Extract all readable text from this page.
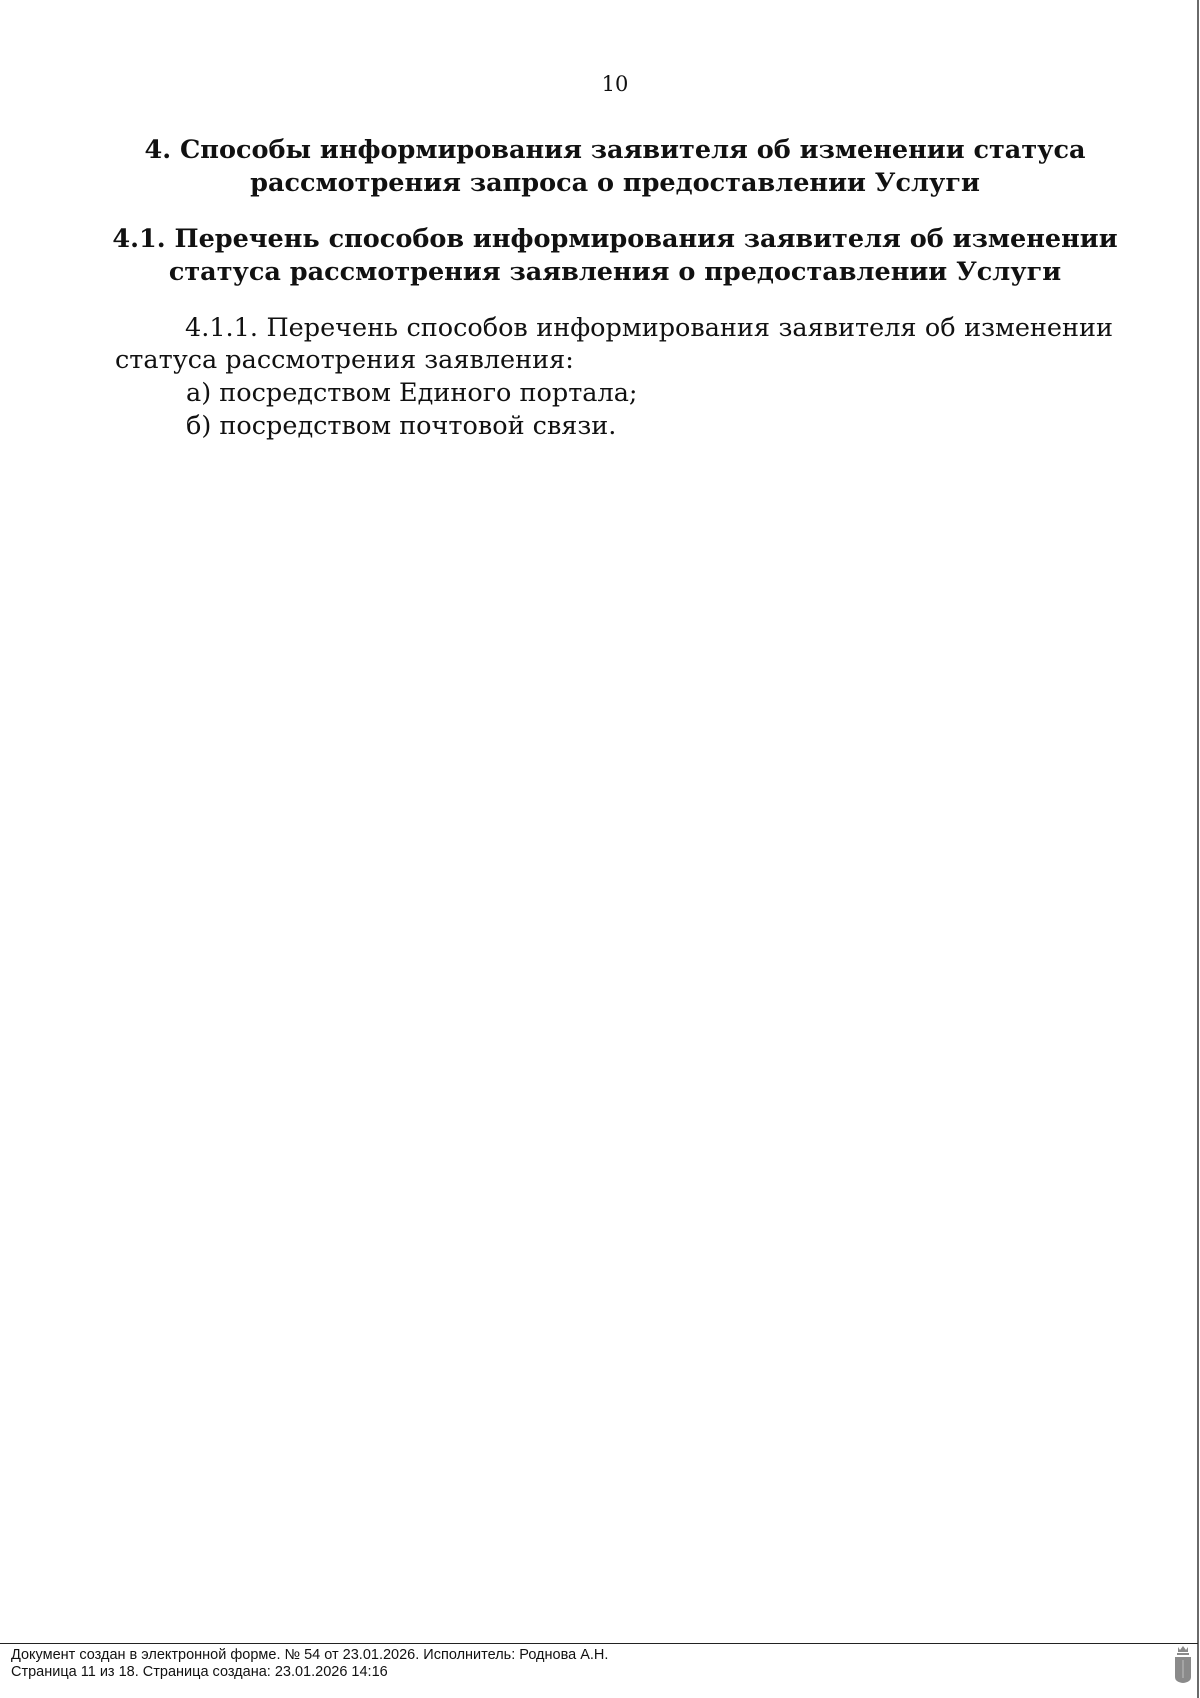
10
4. Способы информирования заявителя об изменении статуса рассмотрения запроса о предоставлении Услуги
4.1. Перечень способов информирования заявителя об изменении статуса рассмотрения заявления о предоставлении Услуги

4.1.1. Перечень способов информирования заявителя об изменении статуса рассмотрения заявления:

а) посредством Единого портала;
б) посредством почтовой связи.
Документ создан в электронной форме. № 54 от 23.01.2026. Исполнитель: Роднова А.Н.
Страница 11 из 18. Страница создана: 23.01.2026 14:16
